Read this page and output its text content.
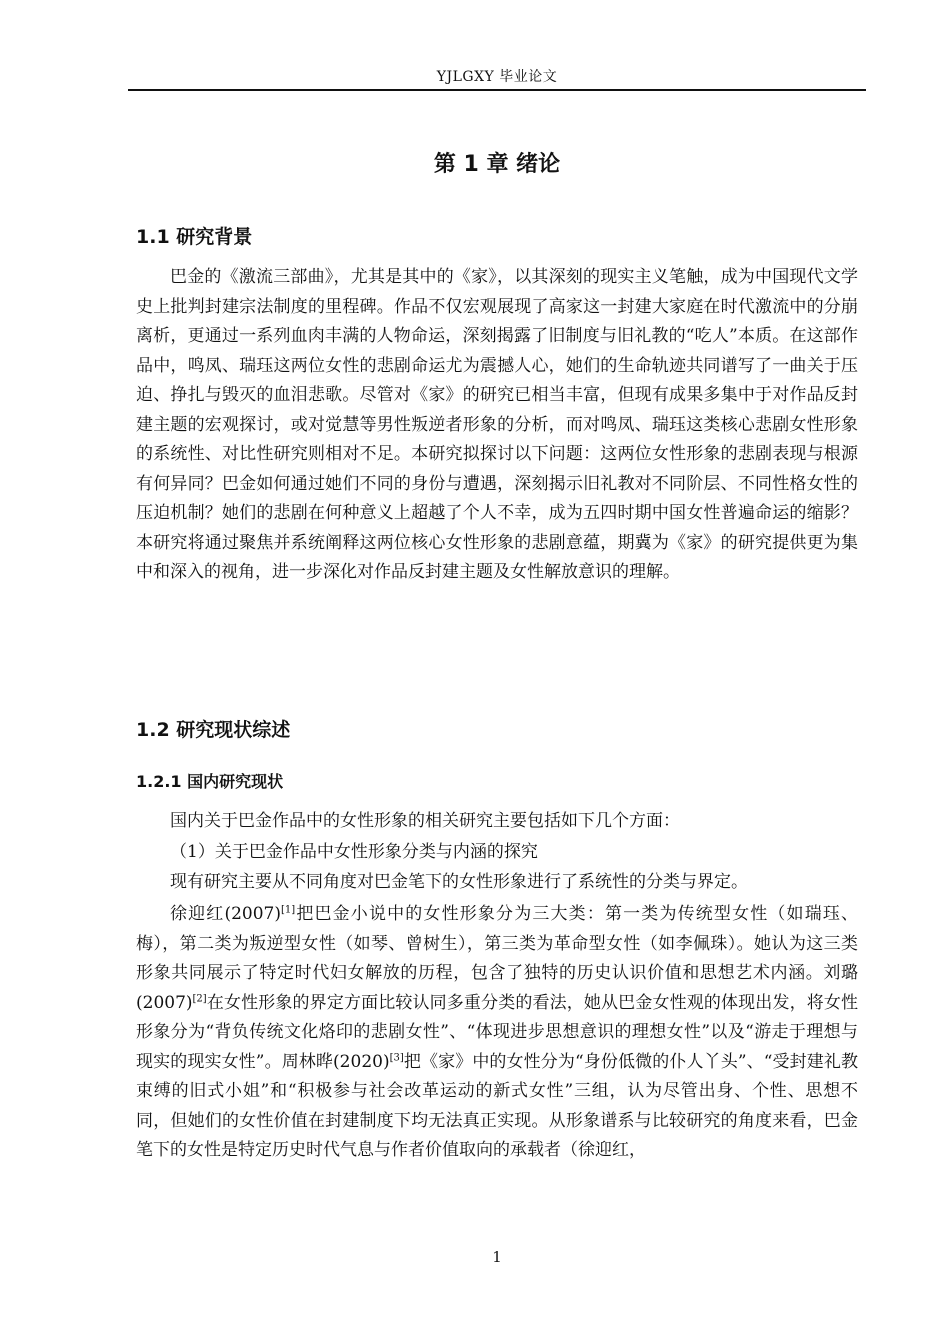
YJLGXY 毕业论文
第 1 章 绪论
1.1 研究背景

巴金的《激流三部曲》，尤其是其中的《家》，以其深刻的现实主义笔触，成为中国现代文学史上批判封建宗法制度的里程碑。作品不仅宏观展现了高家这一封建大家庭在时代激流中的分崩离析，更通过一系列血肉丰满的人物命运，深刻揭露了旧制度与旧礼教的“吃人”本质。在这部作品中，鸣凤、瑞珏这两位女性的悲剧命运尤为震撼人心，她们的生命轨迹共同谱写了一曲关于压迫、挣扎与毁灭的血泪悲歌。尽管对《家》的研究已相当丰富，但现有成果多集中于对作品反封建主题的宏观探讨，或对觉慧等男性叛逆者形象的分析，而对鸣凤、瑞珏这类核心悲剧女性形象的系统性、对比性研究则相对不足。本研究拟探讨以下问题：这两位女性形象的悲剧表现与根源有何异同？巴金如何通过她们不同的身份与遭遇，深刻揭示旧礼教对不同阶层、不同性格女性的压迫机制？她们的悲剧在何种意义上超越了个人不幸，成为五四时期中国女性普遍命运的缩影？本研究将通过聚焦并系统阐释这两位核心女性形象的悲剧意蕴，期冀为《家》的研究提供更为集中和深入的视角，进一步深化对作品反封建主题及女性解放意识的理解。

1.2 研究现状综述
1.2.1 国内研究现状

国内关于巴金作品中的女性形象的相关研究主要包括如下几个方面：

（1）关于巴金作品中女性形象分类与内涵的探究

现有研究主要从不同角度对巴金笔下的女性形象进行了系统性的分类与界定。

徐迎红(2007)[1]把巴金小说中的女性形象分为三大类：第一类为传统型女性（如瑞珏、梅），第二类为叛逆型女性（如琴、曾树生），第三类为革命型女性（如李佩珠）。她认为这三类形象共同展示了特定时代妇女解放的历程，包含了独特的历史认识价值和思想艺术内涵。刘璐(2007)[2]在女性形象的界定方面比较认同多重分类的看法，她从巴金女性观的体现出发，将女性形象分为“背负传统文化烙印的悲剧女性”、“体现进步思想意识的理想女性”以及“游走于理想与现实的现实女性”。周林晔(2020)[3]把《家》中的女性分为“身份低微的仆人丫头”、“受封建礼教束缚的旧式小姐”和“积极参与社会改革运动的新式女性”三组，认为尽管出身、个性、思想不同，但她们的女性价值在封建制度下均无法真正实现。从形象谱系与比较研究的角度来看，巴金笔下的女性是特定历史时代气息与作者价值取向的承载者（徐迎红，

1
